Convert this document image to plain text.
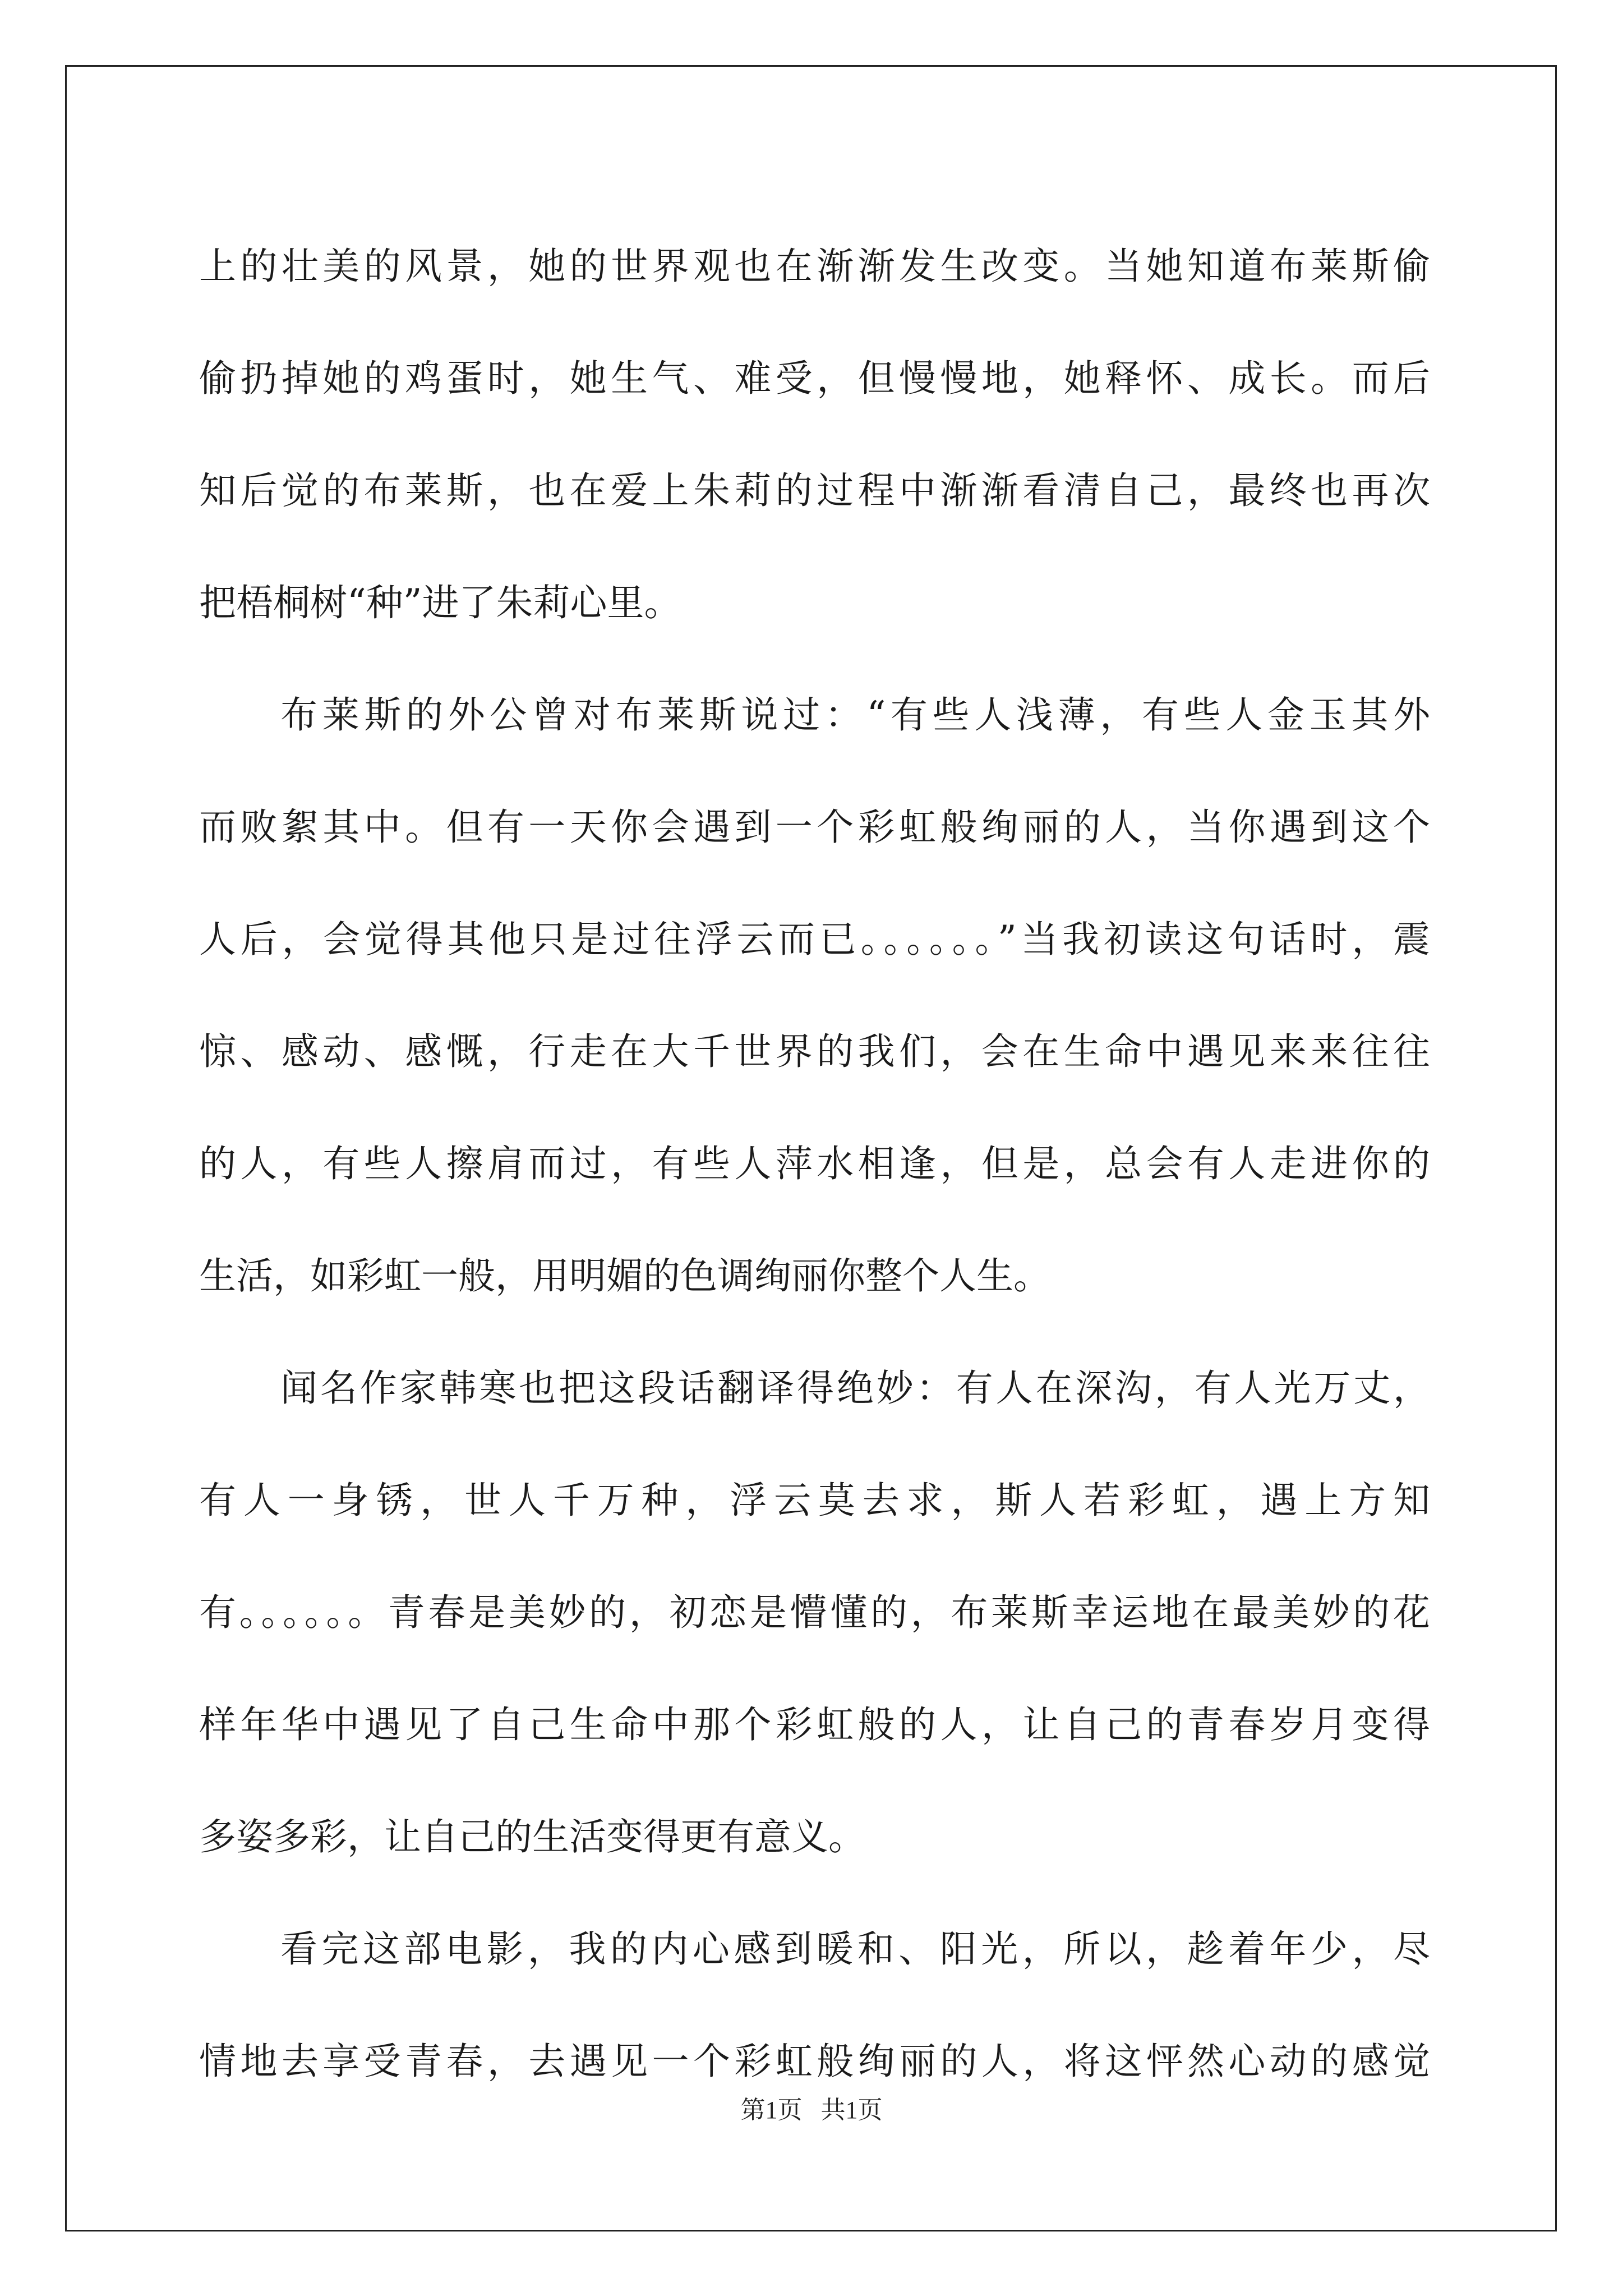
上的壮美的风景，她的世界观也在渐渐发生改变。当她知道布莱斯偷
偷扔掉她的鸡蛋时，她生气、难受，但慢慢地，她释怀、成长。而后
知后觉的布莱斯，也在爱上朱莉的过程中渐渐看清自己，最终也再次
把梧桐树“种”进了朱莉心里。
布莱斯的外公曾对布莱斯说过：“有些人浅薄，有些人金玉其外
而败絮其中。但有一天你会遇到一个彩虹般绚丽的人，当你遇到这个
人后，会觉得其他只是过往浮云而已。。。。。。”当我初读这句话时，震
惊、感动、感慨，行走在大千世界的我们，会在生命中遇见来来往往
的人，有些人擦肩而过，有些人萍水相逢，但是，总会有人走进你的
生活，如彩虹一般，用明媚的色调绚丽你整个人生。
闻名作家韩寒也把这段话翻译得绝妙：有人在深沟，有人光万丈，
有人一身锈，世人千万种，浮云莫去求，斯人若彩虹，遇上方知
有。。。。。。青春是美妙的，初恋是懵懂的，布莱斯幸运地在最美妙的花
样年华中遇见了自己生命中那个彩虹般的人，让自己的青春岁月变得
多姿多彩，让自己的生活变得更有意义。
看完这部电影，我的内心感到暖和、阳光，所以，趁着年少，尽
情地去享受青春，去遇见一个彩虹般绚丽的人，将这怦然心动的感觉
第1页   共1页
